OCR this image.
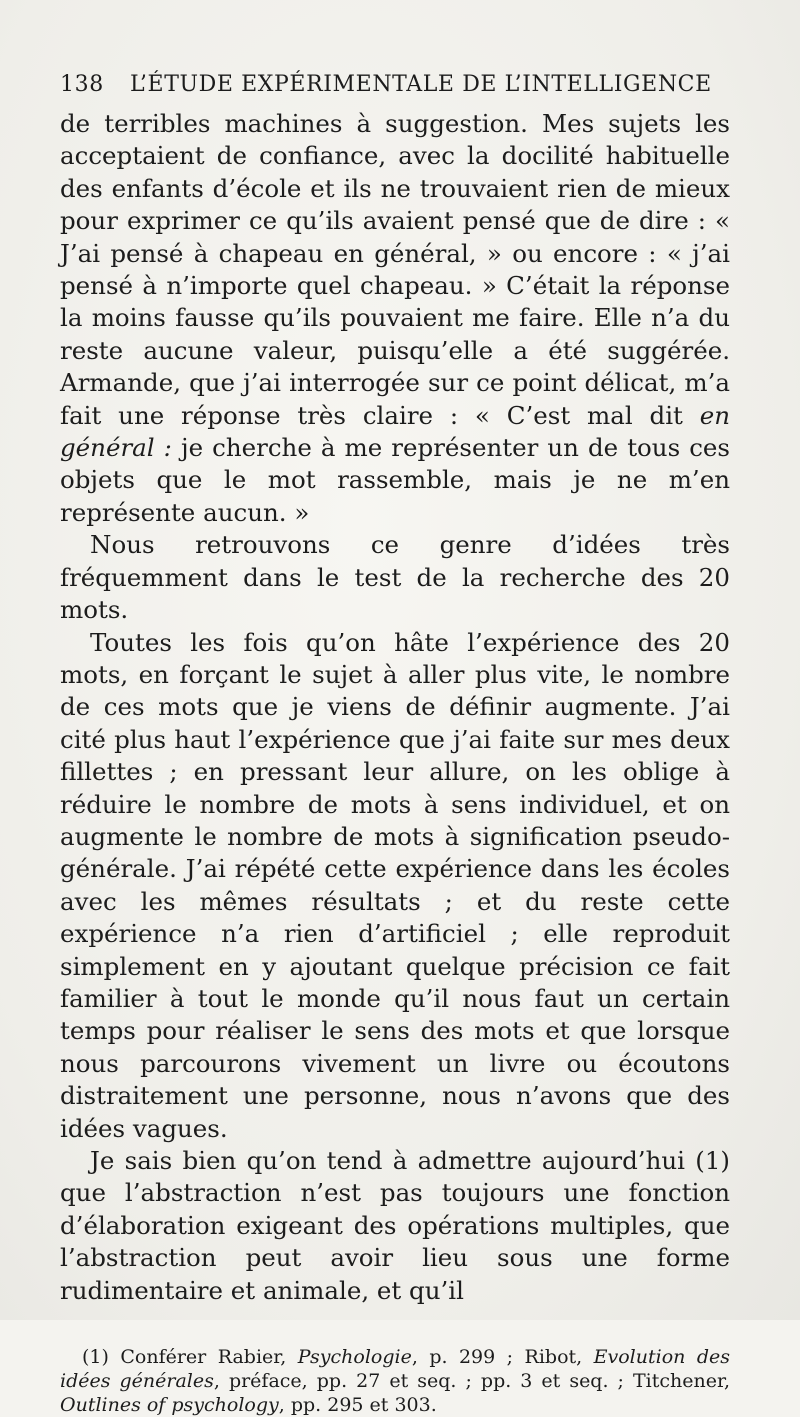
138	L’ÉTUDE EXPÉRIMENTALE DE L’INTELLIGENCE

de terribles machines à suggestion. Mes sujets les acceptaient de confiance, avec la docilité habituelle des enfants d’école et ils ne trouvaient rien de mieux pour exprimer ce qu’ils avaient pensé que de dire : « J’ai pensé à chapeau en général, » ou encore : « j’ai pensé à n’importe quel chapeau. » C’était la réponse la moins fausse qu’ils pouvaient me faire. Elle n’a du reste aucune valeur, puisqu’elle a été suggérée. Armande, que j’ai interrogée sur ce point délicat, m’a fait une réponse très claire : « C’est mal dit en général : je cherche à me représenter un de tous ces objets que le mot rassemble, mais je ne m’en représente aucun. »

Nous retrouvons ce genre d’idées très fréquemment dans le test de la recherche des 20 mots.

Toutes les fois qu’on hâte l’expérience des 20 mots, en forçant le sujet à aller plus vite, le nombre de ces mots que je viens de définir augmente. J’ai cité plus haut l’expérience que j’ai faite sur mes deux fillettes ; en pressant leur allure, on les oblige à réduire le nombre de mots à sens individuel, et on augmente le nombre de mots à signification pseudo-générale. J’ai répété cette expérience dans les écoles avec les mêmes résultats ; et du reste cette expérience n’a rien d’artificiel ; elle reproduit simplement en y ajoutant quelque précision ce fait familier à tout le monde qu’il nous faut un certain temps pour réaliser le sens des mots et que lorsque nous parcourons vivement un livre ou écoutons distraitement une personne, nous n’avons que des idées vagues.

Je sais bien qu’on tend à admettre aujourd’hui (1) que l’abstraction n’est pas toujours une fonction d’élaboration exigeant des opérations multiples, que l’abstraction peut avoir lieu sous une forme rudimentaire et animale, et qu’il

(1) Conférer Rabier, Psychologie, p. 299 ; Ribot, Evolution des idées générales, préface, pp. 27 et seq. ; pp. 3 et seq. ; Titchener, Outlines of psychology, pp. 295 et 303.
